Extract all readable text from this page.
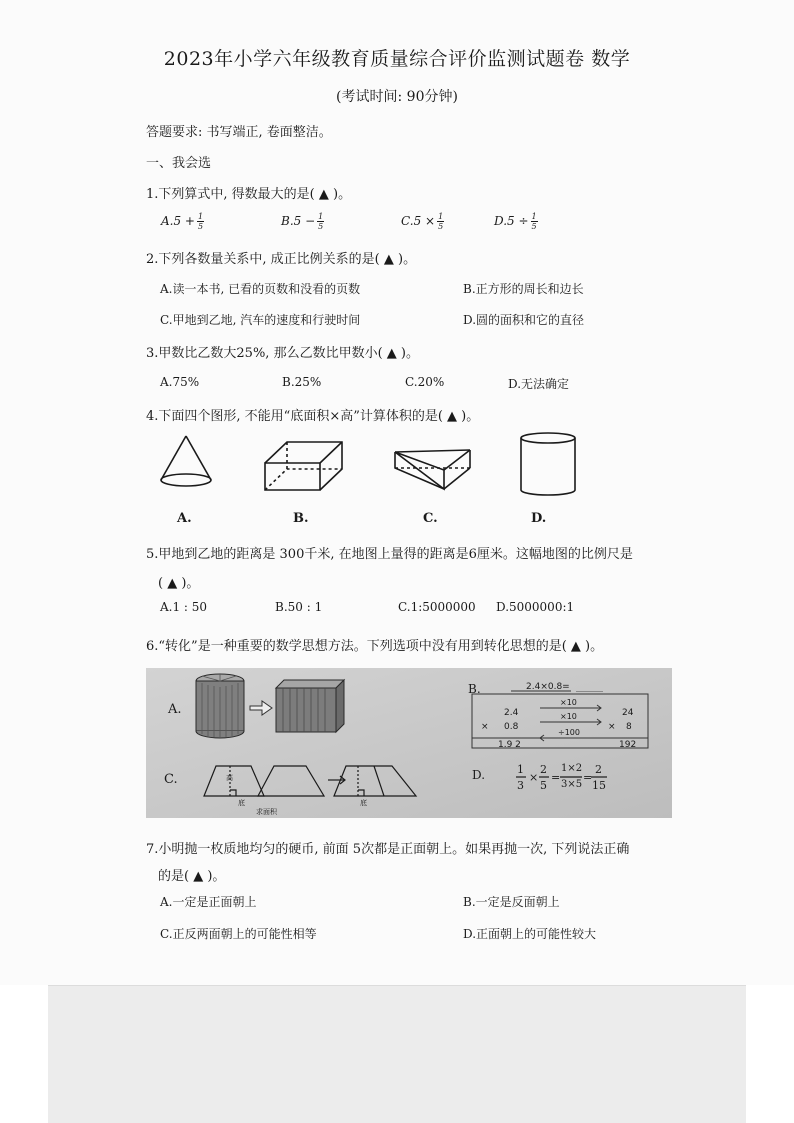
2023年小学六年级教育质量综合评价监测试题卷 数学
(考试时间: 90分钟)
答题要求: 书写端正, 卷面整洁。
一、我会选
1.下列算式中, 得数最大的是( ▲ )。
$A.5 + \frac{1}{5}$	$B.5 - \frac{1}{5}$	$C.5 \times \frac{1}{5}$	$D.5 \div \frac{1}{5}$
2.下列各数量关系中, 成正比例关系的是( ▲ )。
A.读一本书, 已看的页数和没看的页数	B.正方形的周长和边长
C.甲地到乙地, 汽车的速度和行驶时间	D.圆的面积和它的直径
3.甲数比乙数大25%, 那么乙数比甲数小( ▲ )。
A.75%	B.25%	C.20%	D.无法确定
4.下面四个图形, 不能用“底面积×高”计算体积的是( ▲ )。
A.	B.	C.	D.
5.甲地到乙地的距离是 300千米, 在地图上量得的距离是6厘米。这幅地图的比例尺是
( ▲ )。
A.1 : 50	B.50 : 1	C.1:5000000 D.5000000:1
6.“转化”是一种重要的数学思想方法。下列选项中没有用到转化思想的是( ▲ )。
A.
B.
C.	D.
2.4×0.8= ______
2.4
× 0.8
1.9 2
×10
×10
÷100
24
× 8
192
高
底	底
求面积
1
3
×
2
5
=
1×2
3×5
=
2
15
7.小明抛一枚质地均匀的硬币, 前面 5次都是正面朝上。如果再抛一次, 下列说法正确
的是( ▲ )。
A.一定是正面朝上	B.一定是反面朝上
C.正反两面朝上的可能性相等	D.正面朝上的可能性较大
